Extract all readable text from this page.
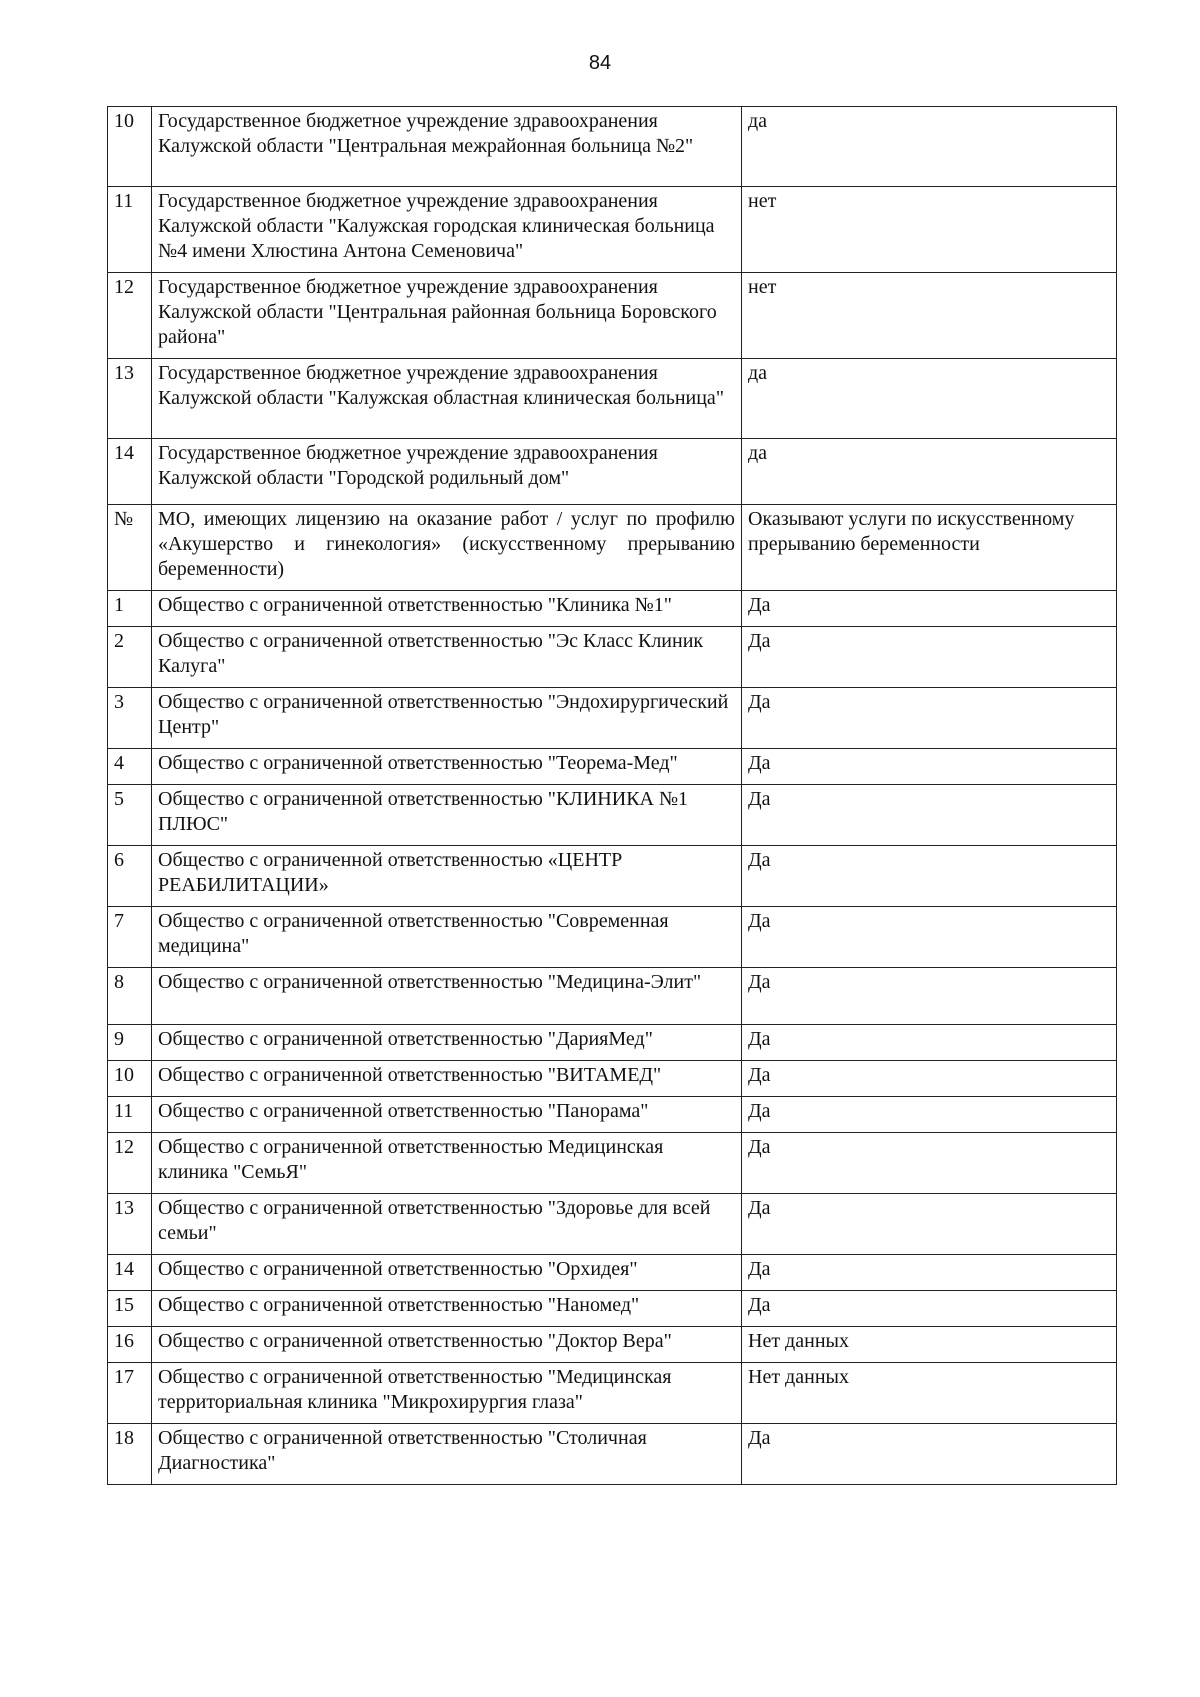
84
10	Государственное бюджетное учреждение здравоохранения Калужской области "Центральная межрайонная больница №2"	да
11	Государственное бюджетное учреждение здравоохранения Калужской области "Калужская городская клиническая больница №4 имени Хлюстина Антона Семеновича"	нет
12	Государственное бюджетное учреждение здравоохранения Калужской области "Центральная районная больница Боровского района"	нет
13	Государственное бюджетное учреждение здравоохранения Калужской области "Калужская областная клиническая больница"	да
14	Государственное бюджетное учреждение здравоохранения Калужской области "Городской родильный дом"	да
№	МО, имеющих лицензию на оказание работ / услуг по профилю «Акушерство и гинекология» (искусственному прерыванию беременности)	Оказывают услуги по искусственному прерыванию беременности
1	Общество с ограниченной ответственностью "Клиника №1"	Да
2	Общество с ограниченной ответственностью "Эс Класс Клиник Калуга"	Да
3	Общество с ограниченной ответственностью "Эндохирургический Центр"	Да
4	Общество с ограниченной ответственностью "Теорема-Мед"	Да
5	Общество с ограниченной ответственностью "КЛИНИКА №1 ПЛЮС"	Да
6	Общество с ограниченной ответственностью «ЦЕНТР РЕАБИЛИТАЦИИ»	Да
7	Общество с ограниченной ответственностью "Современная медицина"	Да
8	Общество с ограниченной ответственностью "Медицина-Элит"	Да
9	Общество с ограниченной ответственностью "ДарияМед"	Да
10	Общество с ограниченной ответственностью "ВИТАМЕД"	Да
11	Общество с ограниченной ответственностью "Панорама"	Да
12	Общество с ограниченной ответственностью Медицинская клиника "СемьЯ"	Да
13	Общество с ограниченной ответственностью "Здоровье для всей семьи"	Да
14	Общество с ограниченной ответственностью "Орхидея"	Да
15	Общество с ограниченной ответственностью "Наномед"	Да
16	Общество с ограниченной ответственностью "Доктор Вера"	Нет данных
17	Общество с ограниченной ответственностью "Медицинская территориальная клиника "Микрохирургия глаза"	Нет данных
18	Общество с ограниченной ответственностью "Столичная Диагностика"	Да
